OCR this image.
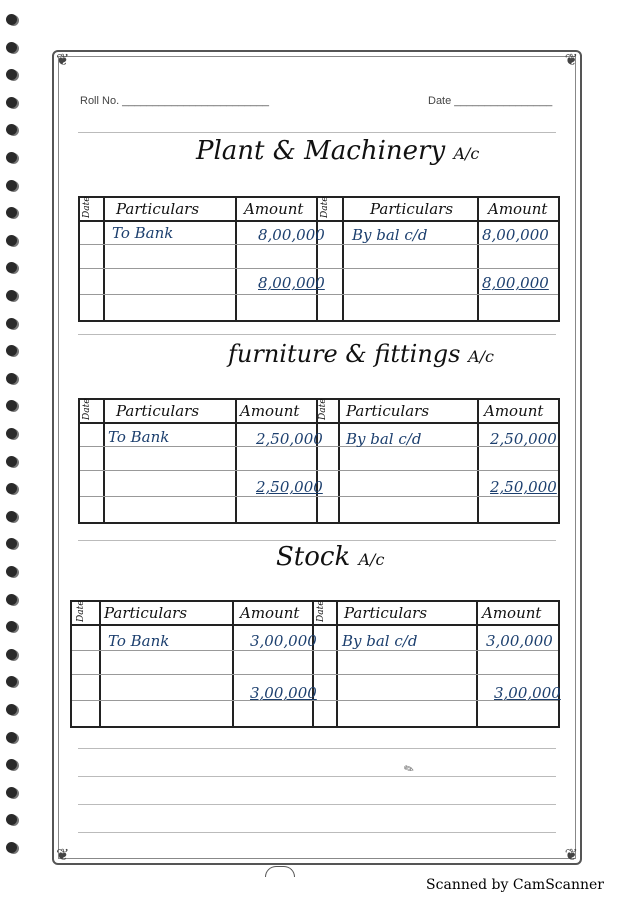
❦	❦
❦	❦
Roll No. ________________________	Date ________________
Plant & Machinery A/c
Date Particulars	Amount Date	Particulars Amount
To Bank	8,00,000 By bal c/d	8,00,000
8,00,000	8,00,000
furniture & fittings A/c
Date Particulars	Amount Date Particulars	Amount
To Bank	2,50,000 By bal c/d	2,50,000
2,50,000	2,50,000
Stock A/c
Date Particulars	Amount Date Particulars	Amount
To Bank	3,00,000 By bal c/d	3,00,000
3,00,000	3,00,000
✎
Scanned by CamScanner
